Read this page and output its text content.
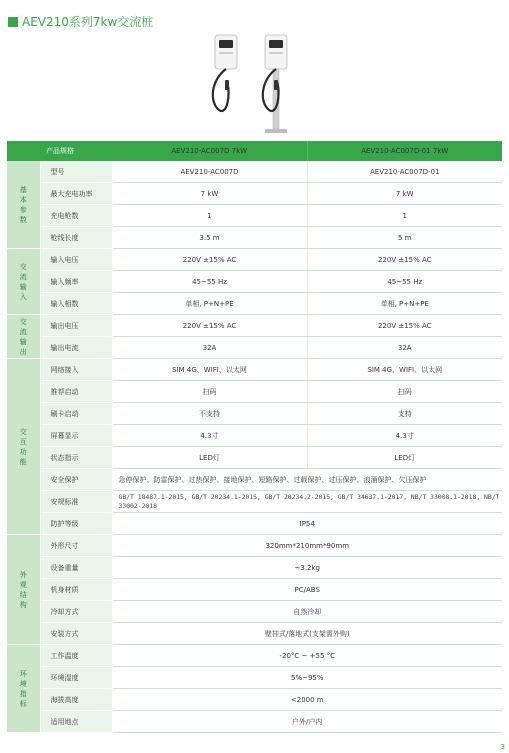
AEV210系列7kw交流桩
	产品规格	AEV210-AC007D 7kW	AEV210-AC007D-01 7kW
基本参数	型号	AEV210-AC007D	AEV210-AC007D-01
	最大充电功率	7 kW	7 kW
	充电枪数	1	1
	枪线长度	3.5 m	5 m
交流输入	输入电压	220V ±15% AC	220V ±15% AC
	输入频率	45~55 Hz	45~55 Hz
	输入相数	单相, P+N+PE	单相, P+N+PE
交流输出	输出电压	220V ±15% AC	220V ±15% AC
	输出电流	32A	32A
交互功能	网络接入	SIM 4G、WIFI、以太网	SIM 4G、WIFI、以太网
	推荐启动	扫码	扫码
	刷卡启动	不支持	支持
	屏幕显示	4.3寸	4.3寸
	状态指示	LED灯	LED灯
	安全保护	急停保护、防雷保护、过热保护、接地保护、短路保护、过载保护、过压保护、浪涌保护、欠压保护	
	安规标准	GB/T 18487.1-2015, GB/T 20234.1-2015, GB/T 20234.2-2015, GB/T 34637.1-2017, NB/T 33008.1-2018, NB/T 33002-2018	
	防护等级	IP54	
外观结构	外形尺寸	320mm*210mm*90mm	
	设备重量	~3.2kg	
	机身材质	PC/ABS	
	冷却方式	自然冷却	
	安装方式	壁挂式/落地式(支架需外购)	
环境指标	工作温度	-20°C ~ +55 °C	
	环境湿度	5%~95%	
	海拔高度	<2000 m	
	适用地点	户外/户内	
3
